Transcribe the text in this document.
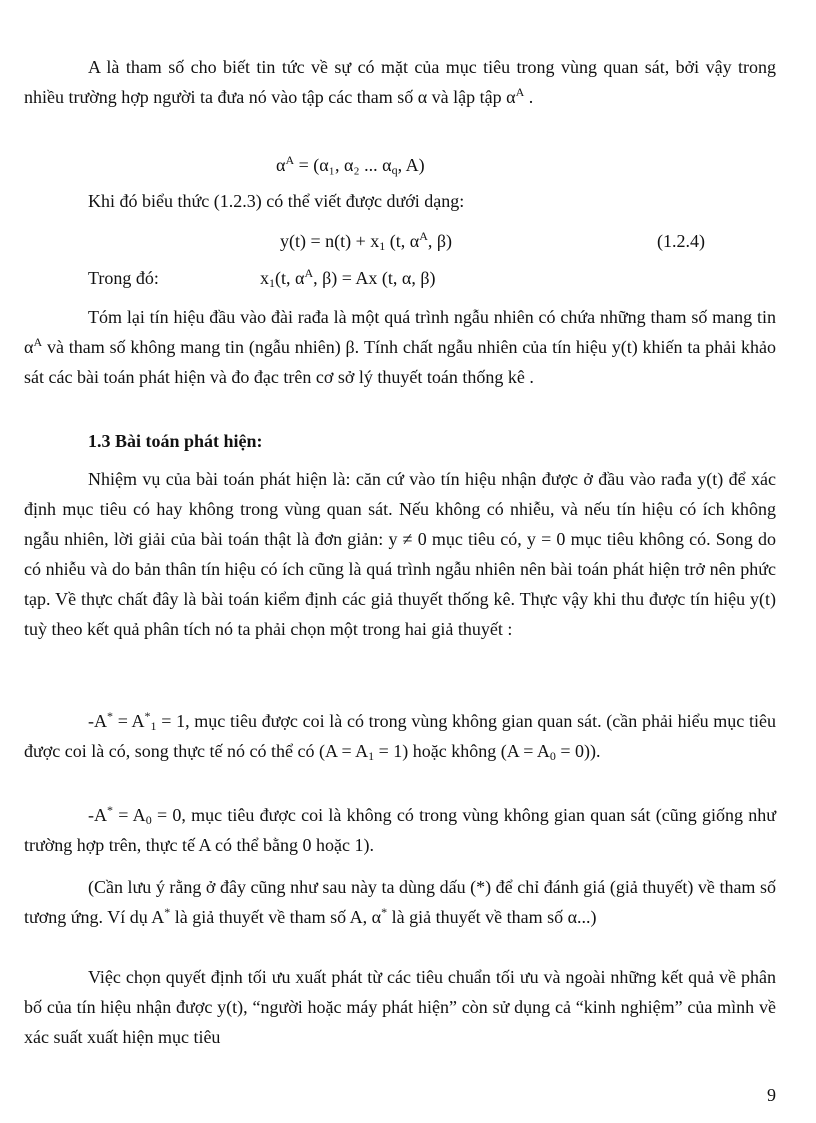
A là tham số cho biết tin tức về sự có mặt của mục tiêu trong vùng quan sát, bởi vậy trong nhiều trường hợp người ta đưa nó vào tập các tham số α và lập tập $\alpha^A$ .

$\alpha^A = (\alpha_1$, α₂ ... $\alpha_q$, A)

Khi đó biểu thức (1.2.3) có thể viết được dưới dạng:

$y(t) = n(t) + x_1$ (t, $\alpha^A$, β)	(1.2.4)

Trong đó:	$x_1(t$, $\alpha^A$, β) = Ax (t, α, β)

Tóm lại tín hiệu đầu vào đài rađa là một quá trình ngẫu nhiên có chứa những tham số mang tin $\alpha^A$ và tham số không mang tin (ngẫu nhiên) β. Tính chất ngẫu nhiên của tín hiệu y(t) khiến ta phải khảo sát các bài toán phát hiện và đo đạc trên cơ sở lý thuyết toán thống kê .

1.3 Bài toán phát hiện:

Nhiệm vụ của bài toán phát hiện là: căn cứ vào tín hiệu nhận được ở đầu vào rađa y(t) để xác định mục tiêu có hay không trong vùng quan sát. Nếu không có nhiễu, và nếu tín hiệu có ích không ngẫu nhiên, lời giải của bài toán thật là đơn giản: y ≠ 0 mục tiêu có, y = 0 mục tiêu không có. Song do có nhiễu và do bản thân tín hiệu có ích cũng là quá trình ngẫu nhiên nên bài toán phát hiện trở nên phức tạp. Về thực chất đây là bài toán kiểm định các giả thuyết thống kê. Thực vậy khi thu được tín hiệu y(t) tuỳ theo kết quả phân tích nó ta phải chọn một trong hai giả thuyết :

$-A^* = A^*_1 = 1$, mục tiêu được coi là có trong vùng không gian quan sát. (cần phải hiểu mục tiêu được coi là có, song thực tế nó có thể có $(A = A_1 = 1)$ hoặc không $(A = A_0 = 0)$).

$-A^* = A_0 = 0$, mục tiêu được coi là không có trong vùng không gian quan sát (cũng giống như trường hợp trên, thực tế A có thể bằng 0 hoặc 1).

(Cần lưu ý rằng ở đây cũng như sau này ta dùng dấu (*) để chỉ đánh giá (giả thuyết) về tham số tương ứng. Ví dụ A* là giả thuyết về tham số A, α* là giả thuyết về tham số α...)

Việc chọn quyết định tối ưu xuất phát từ các tiêu chuẩn tối ưu và ngoài những kết quả về phân bố của tín hiệu nhận được y(t), “người hoặc máy phát hiện” còn sử dụng cả “kinh nghiệm” của mình về xác suất xuất hiện mục tiêu

9
